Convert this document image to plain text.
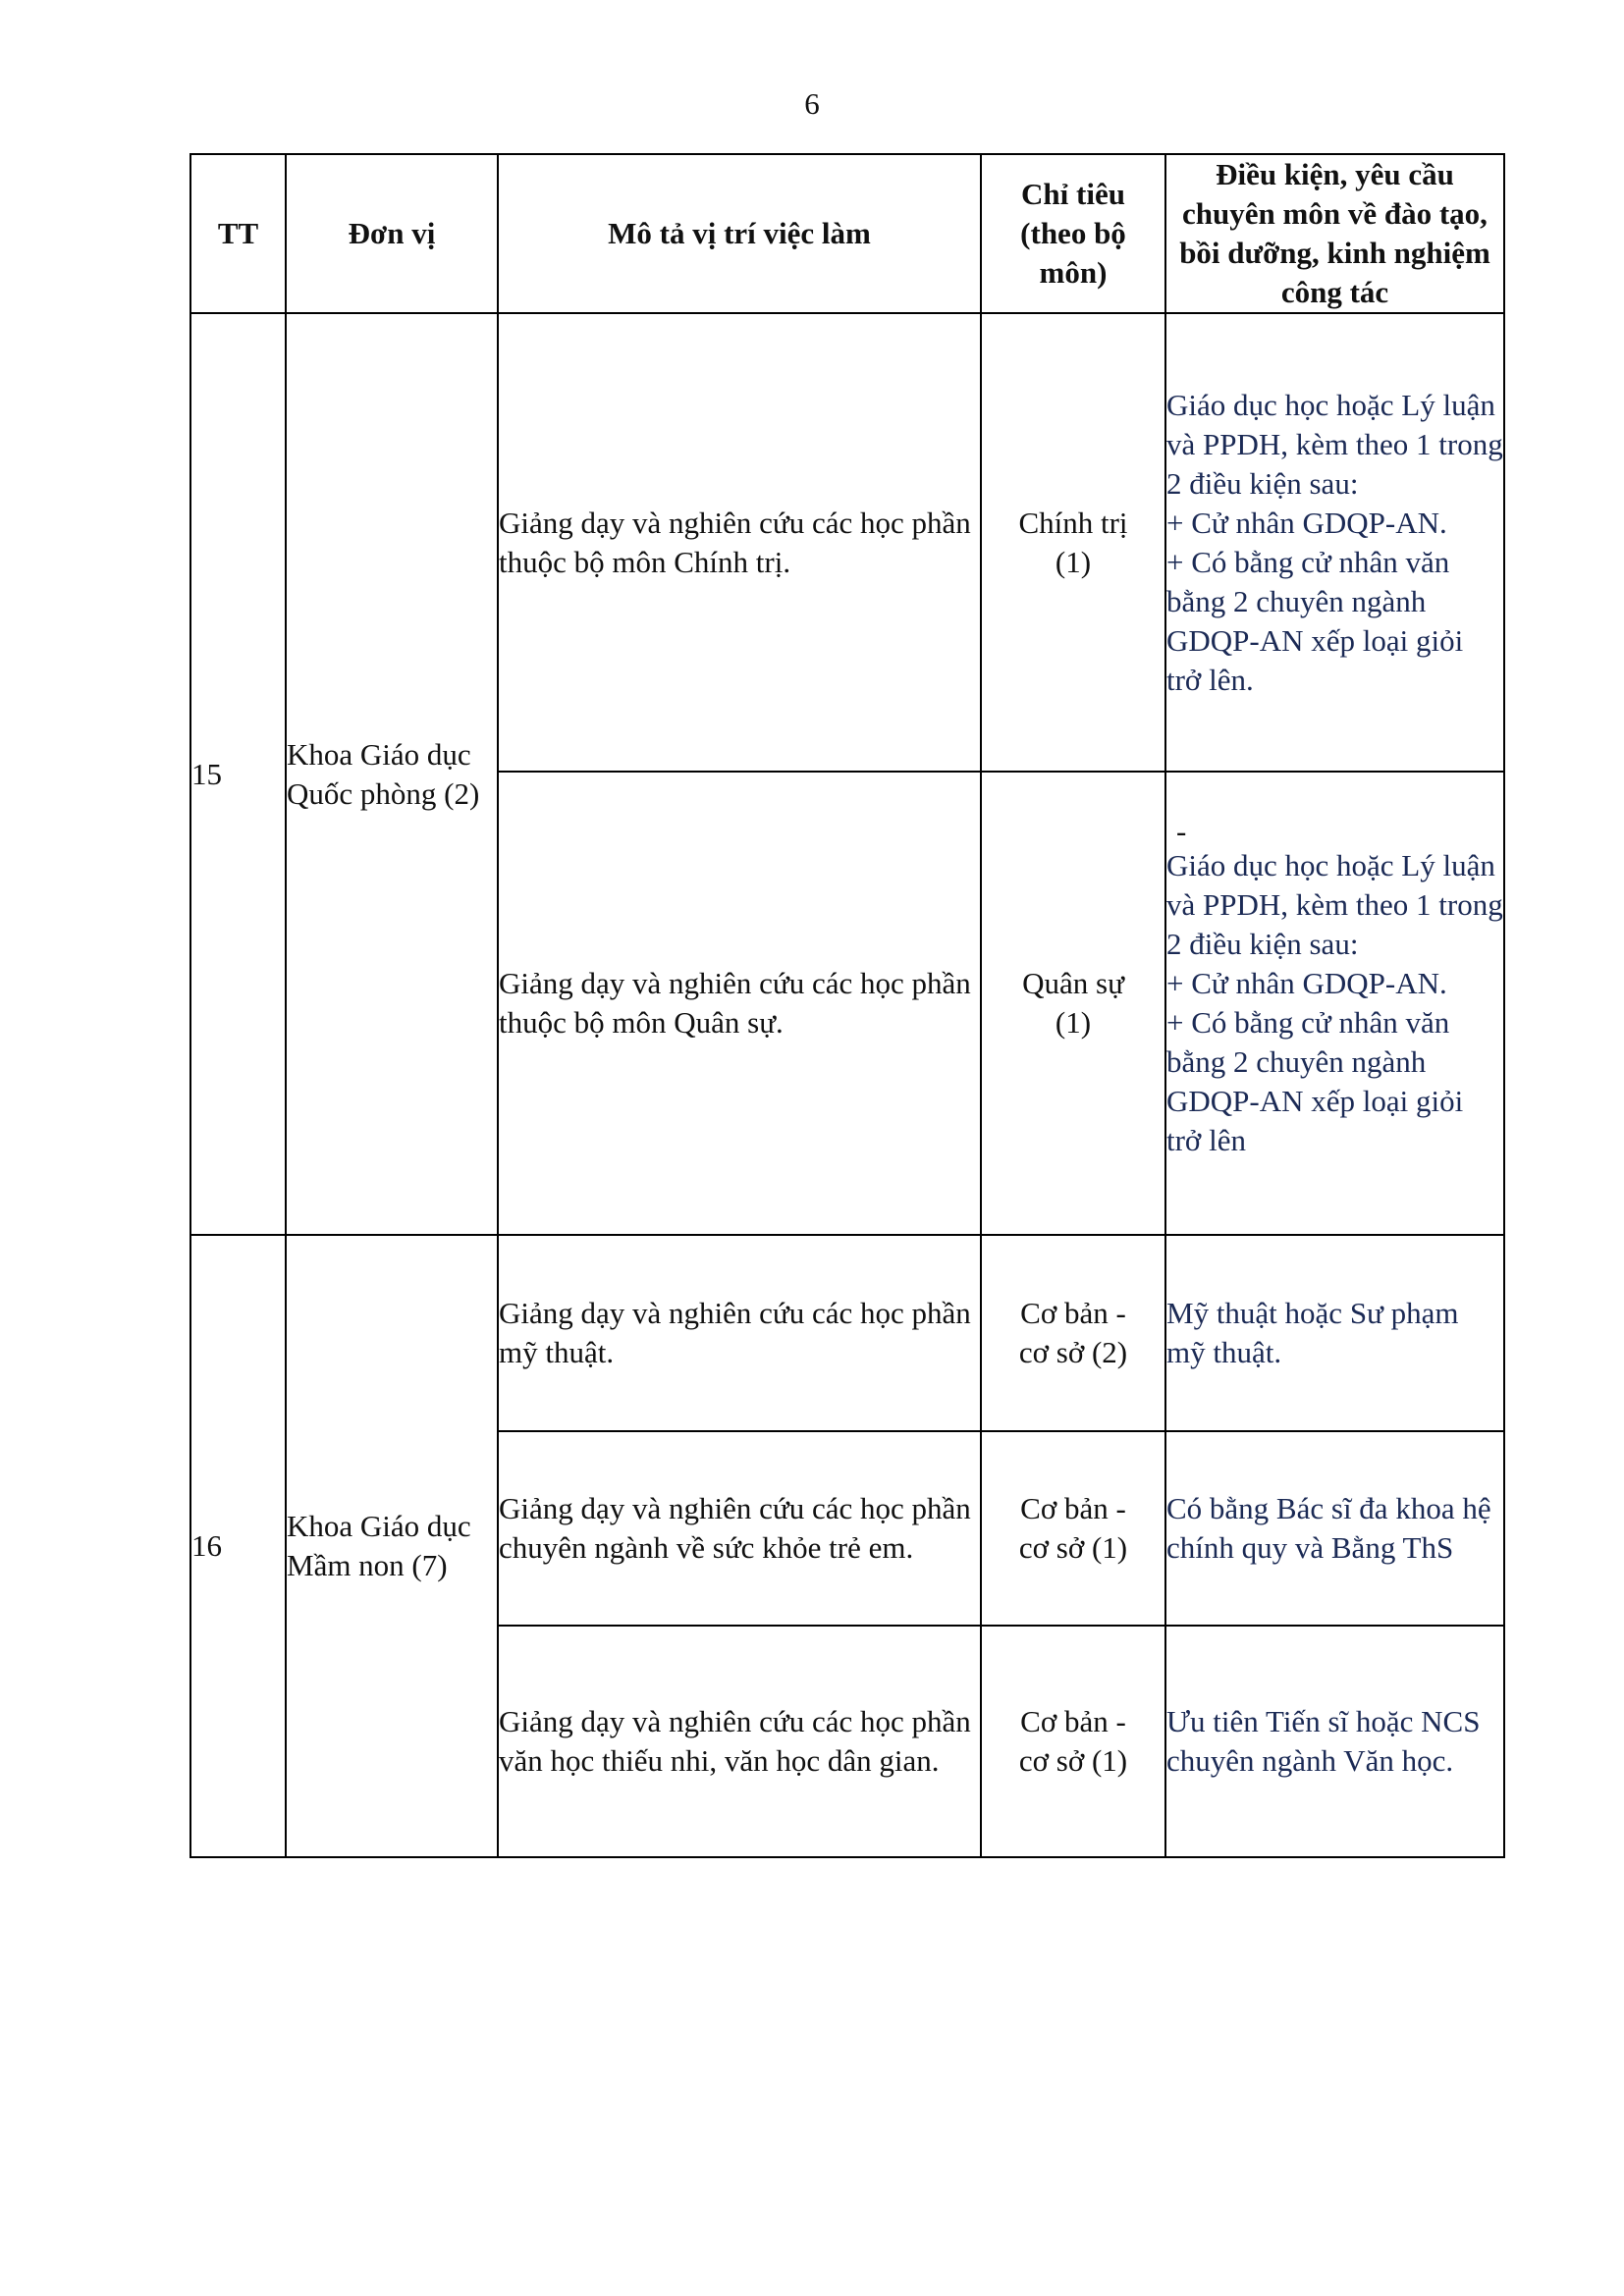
6
TT	Đơn vị	Mô tả vị trí việc làm	Chỉ tiêu (theo bộ môn)	Điều kiện, yêu cầu chuyên môn về đào tạo, bồi dưỡng, kinh nghiệm công tác
15	Khoa Giáo dục Quốc phòng (2)	Giảng dạy và nghiên cứu các học phần thuộc bộ môn Chính trị.	Chính trị (1)	Giáo dục học hoặc Lý luận và PPDH, kèm theo 1 trong 2 điều kiện sau:
+ Cử nhân GDQP-AN.
+ Có bằng cử nhân văn bằng 2 chuyên ngành GDQP-AN xếp loại giỏi trở lên.

		Giảng dạy và nghiên cứu các học phần thuộc bộ môn Quân sự.	Quân sự (1)	-
Giáo dục học hoặc Lý luận và PPDH, kèm theo 1 trong 2 điều kiện sau:
+ Cử nhân GDQP-AN.
+ Có bằng cử nhân văn bằng 2 chuyên ngành GDQP-AN xếp loại giỏi trở lên

16	Khoa Giáo dục Mầm non (7)	Giảng dạy và nghiên cứu các học phần mỹ thuật.	Cơ bản - cơ sở (2)	Mỹ thuật hoặc Sư phạm mỹ thuật.

		Giảng dạy và nghiên cứu các học phần chuyên ngành về sức khỏe trẻ em.	Cơ bản - cơ sở (1)	Có bằng Bác sĩ đa khoa hệ chính quy và Bằng ThS

		Giảng dạy và nghiên cứu các học phần văn học thiếu nhi, văn học dân gian.	Cơ bản - cơ sở (1)	Ưu tiên Tiến sĩ hoặc NCS chuyên ngành Văn học.
